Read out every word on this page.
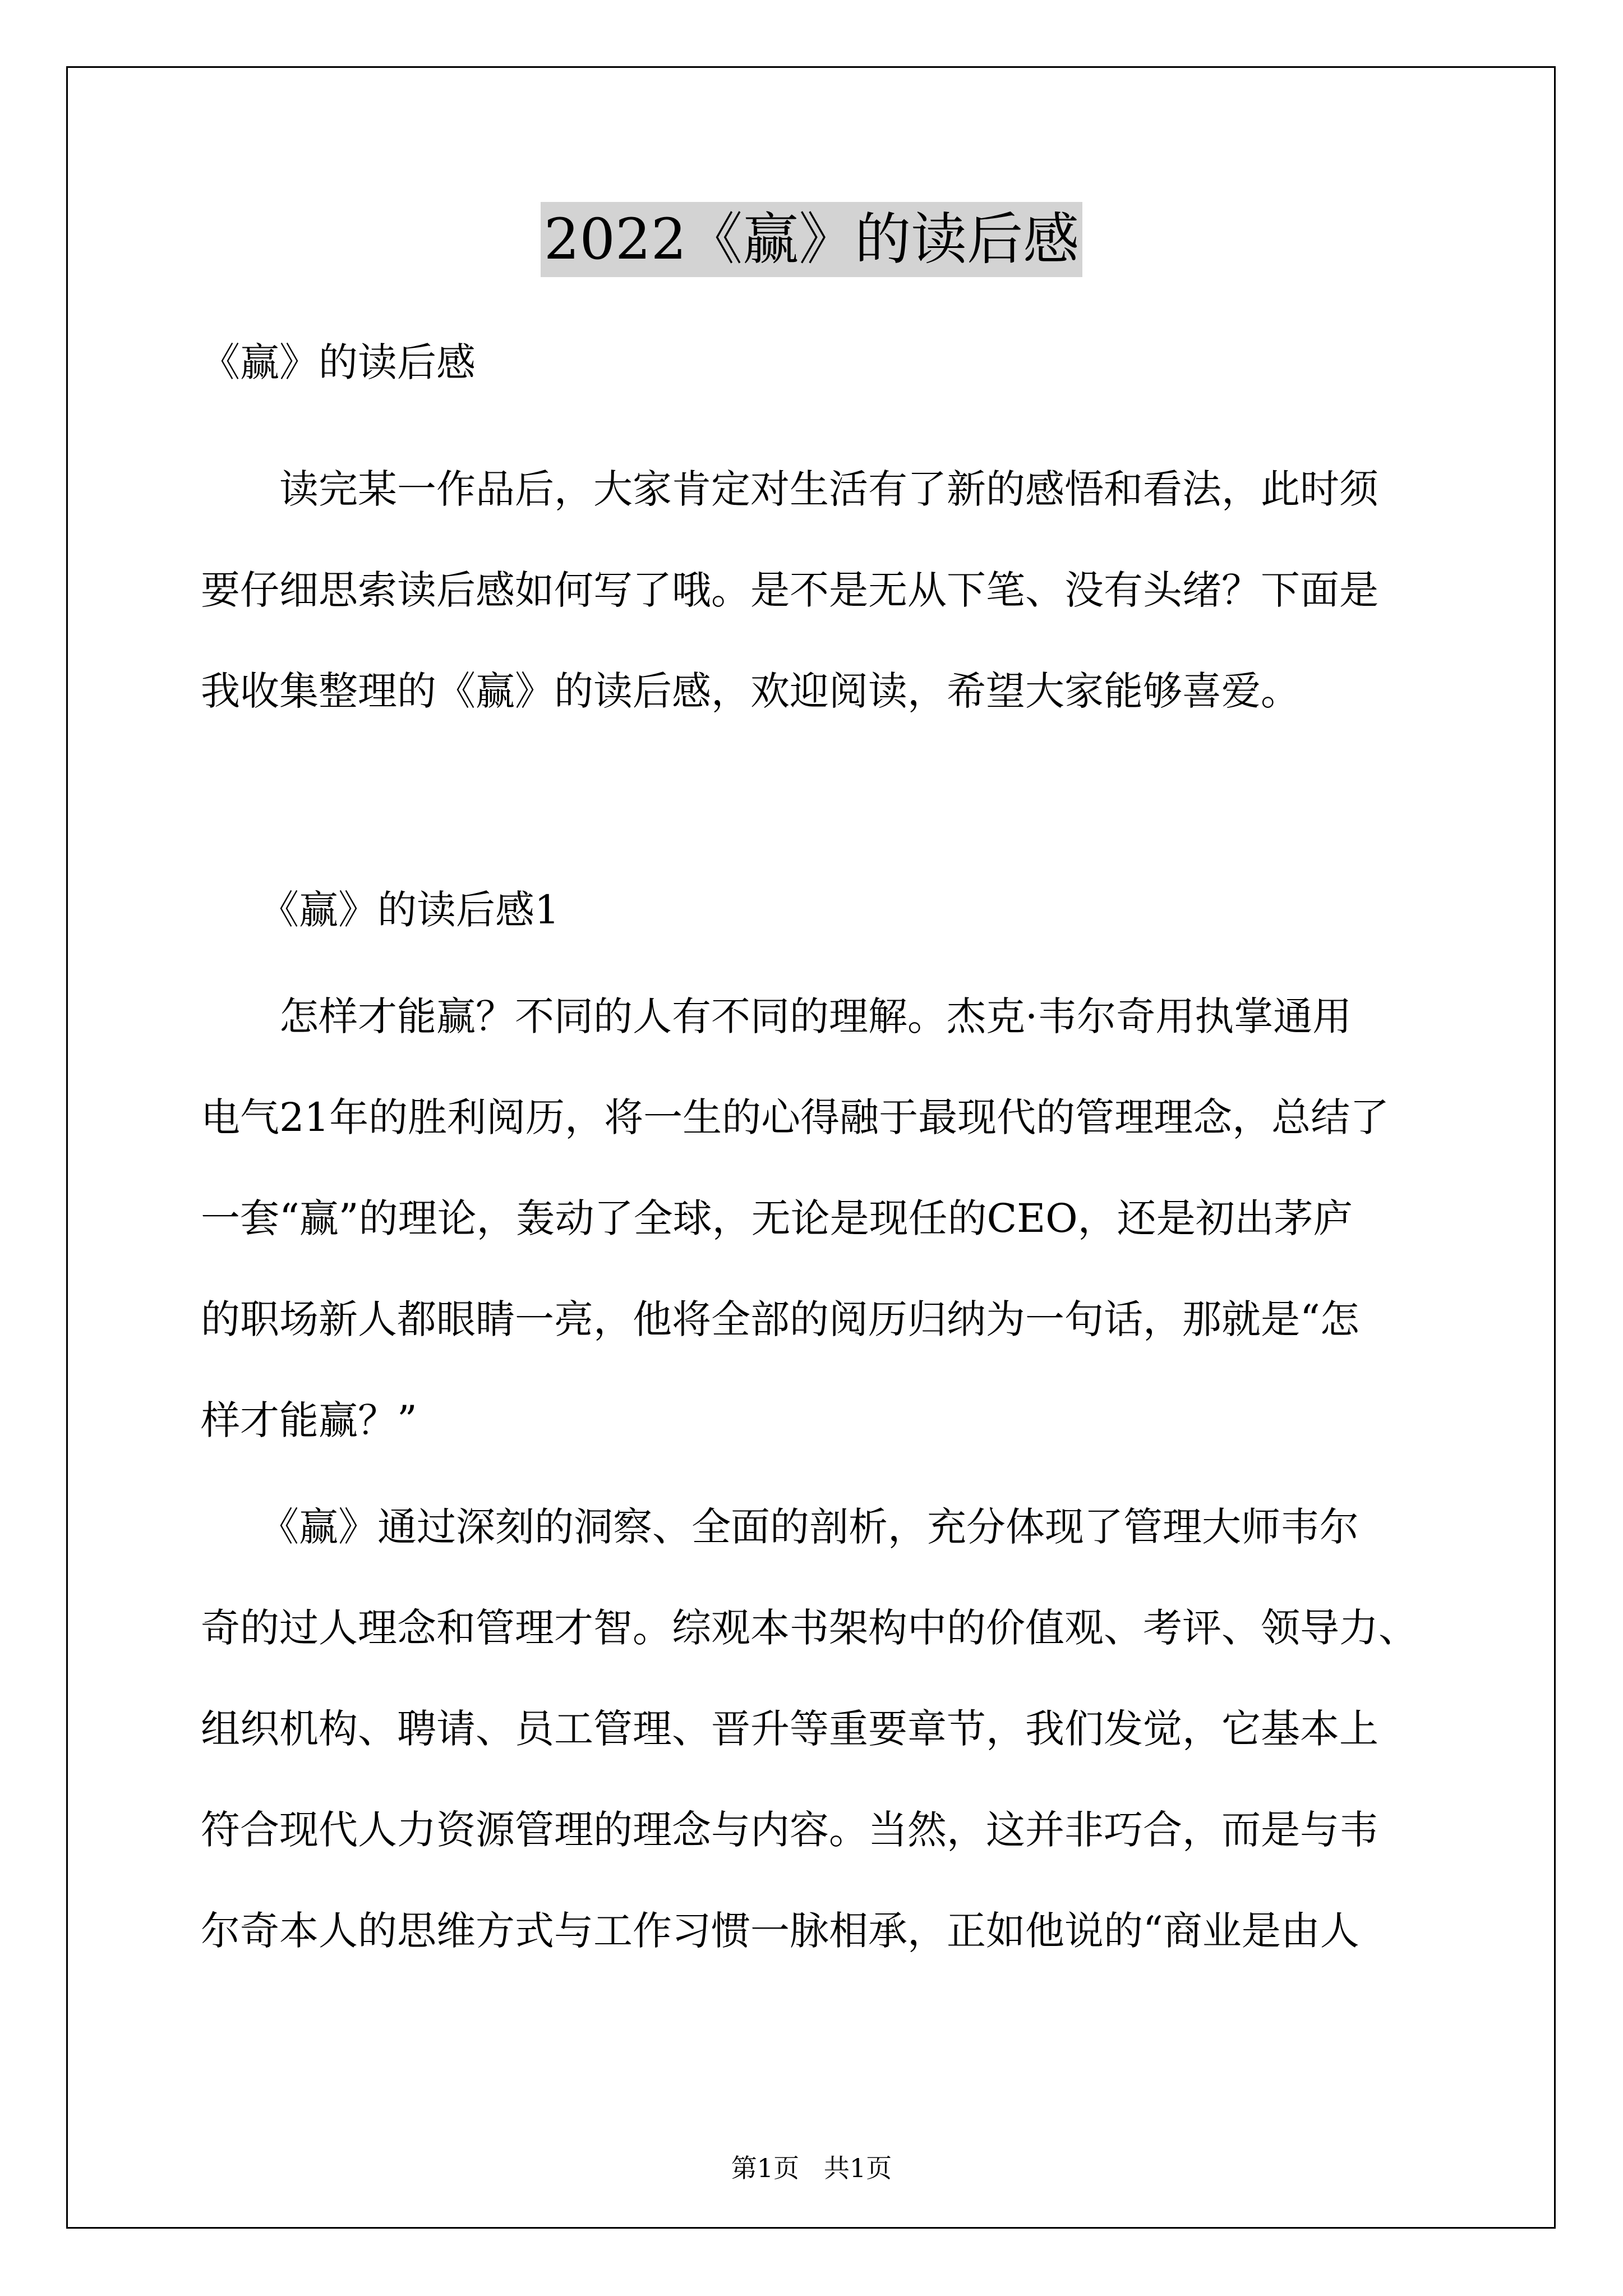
2022《赢》的读后感

《赢》的读后感

　　读完某一作品后，大家肯定对生活有了新的感悟和看法，此时须

要仔细思索读后感如何写了哦。是不是无从下笔、没有头绪？下面是

我收集整理的《赢》的读后感，欢迎阅读，希望大家能够喜爱。

　　《赢》的读后感1

　　怎样才能赢？不同的人有不同的理解。杰克·韦尔奇用执掌通用

电气21年的胜利阅历，将一生的心得融于最现代的管理理念，总结了

一套“赢”的理论，轰动了全球，无论是现任的CEO，还是初出茅庐

的职场新人都眼睛一亮，他将全部的阅历归纳为一句话，那就是“怎

样才能赢？”

　　《赢》通过深刻的洞察、全面的剖析，充分体现了管理大师韦尔

奇的过人理念和管理才智。综观本书架构中的价值观、考评、领导力、

组织机构、聘请、员工管理、晋升等重要章节，我们发觉，它基本上

符合现代人力资源管理的理念与内容。当然，这并非巧合，而是与韦

尔奇本人的思维方式与工作习惯一脉相承，正如他说的“商业是由人

第1页   共1页
